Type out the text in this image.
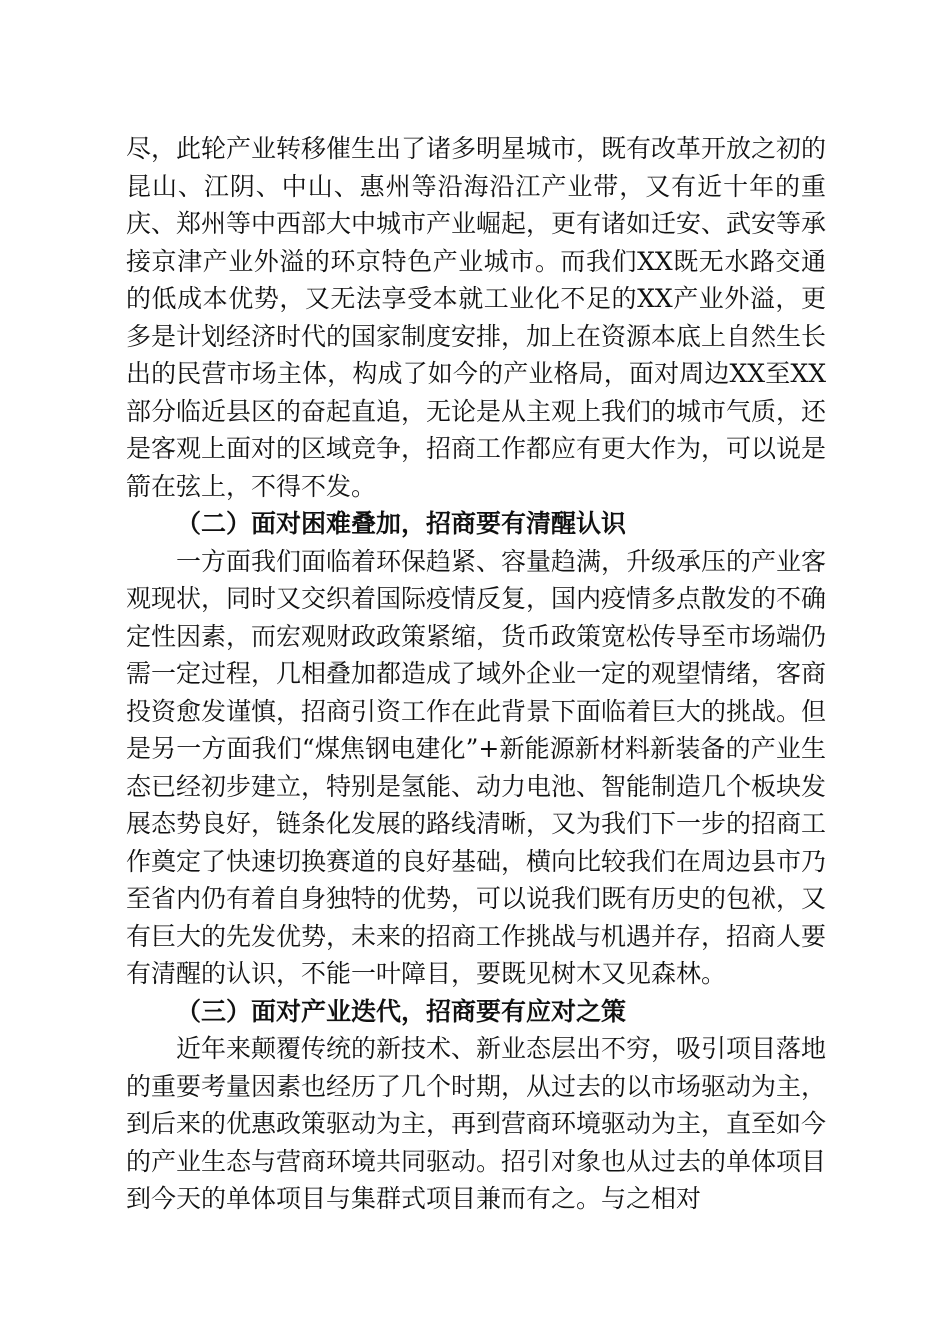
尽，此轮产业转移催生出了诸多明星城市，既有改革开放之初的昆山、江阴、中山、惠州等沿海沿江产业带，又有近十年的重庆、郑州等中西部大中城市产业崛起，更有诸如迁安、武安等承接京津产业外溢的环京特色产业城市。而我们XX既无水路交通的低成本优势，又无法享受本就工业化不足的XX产业外溢，更多是计划经济时代的国家制度安排，加上在资源本底上自然生长出的民营市场主体，构成了如今的产业格局，面对周边XX至XX部分临近县区的奋起直追，无论是从主观上我们的城市气质，还是客观上面对的区域竞争，招商工作都应有更大作为，可以说是箭在弦上，不得不发。

（二）面对困难叠加，招商要有清醒认识

一方面我们面临着环保趋紧、容量趋满，升级承压的产业客观现状，同时又交织着国际疫情反复，国内疫情多点散发的不确定性因素，而宏观财政政策紧缩，货币政策宽松传导至市场端仍需一定过程，几相叠加都造成了域外企业一定的观望情绪，客商投资愈发谨慎，招商引资工作在此背景下面临着巨大的挑战。但是另一方面我们“煤焦钢电建化”+新能源新材料新装备的产业生态已经初步建立，特别是氢能、动力电池、智能制造几个板块发展态势良好，链条化发展的路线清晰，又为我们下一步的招商工作奠定了快速切换赛道的良好基础，横向比较我们在周边县市乃至省内仍有着自身独特的优势，可以说我们既有历史的包袱，又有巨大的先发优势，未来的招商工作挑战与机遇并存，招商人要有清醒的认识，不能一叶障目，要既见树木又见森林。

（三）面对产业迭代，招商要有应对之策

近年来颠覆传统的新技术、新业态层出不穷，吸引项目落地的重要考量因素也经历了几个时期，从过去的以市场驱动为主，到后来的优惠政策驱动为主，再到营商环境驱动为主，直至如今的产业生态与营商环境共同驱动。招引对象也从过去的单体项目到今天的单体项目与集群式项目兼而有之。与之相对
